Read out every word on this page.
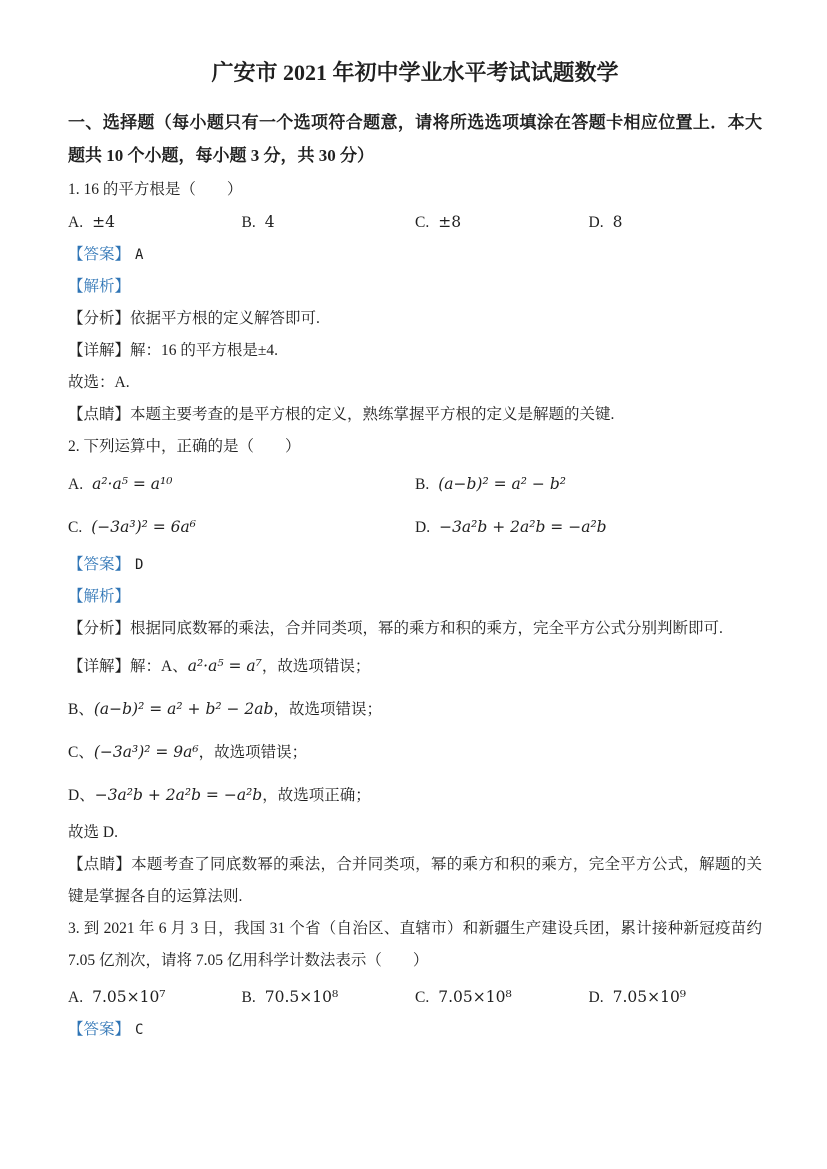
广安市 2021 年初中学业水平考试试题数学

一、选择题（每小题只有一个选项符合题意，请将所选选项填涂在答题卡相应位置上．本大题共 10 个小题，每小题 3 分，共 30 分）

1. 16 的平方根是（　　）

A. ±4	B. 4	C. ±8	D. 8

【答案】 A

【解析】

【分析】依据平方根的定义解答即可.

【详解】解：16 的平方根是±4.

故选：A.

【点睛】本题主要考查的是平方根的定义，熟练掌握平方根的定义是解题的关键.

2. 下列运算中，正确的是（　　）

A. a²·a⁵ = a¹⁰	B. (a−b)² = a² − b²
C. (−3a³)² = 6a⁶	D. −3a²b + 2a²b = −a²b

【答案】 D

【解析】

【分析】根据同底数幂的乘法，合并同类项，幂的乘方和积的乘方，完全平方公式分别判断即可.

【详解】解：A、a²·a⁵ = a⁷，故选项错误；

B、(a−b)² = a² + b² − 2ab，故选项错误；

C、(−3a³)² = 9a⁶，故选项错误；

D、−3a²b + 2a²b = −a²b，故选项正确；

故选 D.

【点睛】本题考查了同底数幂的乘法，合并同类项，幂的乘方和积的乘方，完全平方公式，解题的关键是掌握各自的运算法则.

3. 到 2021 年 6 月 3 日，我国 31 个省（自治区、直辖市）和新疆生产建设兵团，累计接种新冠疫苗约 7.05 亿剂次，请将 7.05 亿用科学计数法表示（　　）

A. 7.05×10⁷	B. 70.5×10⁸	C. 7.05×10⁸	D. 7.05×10⁹

【答案】 C
